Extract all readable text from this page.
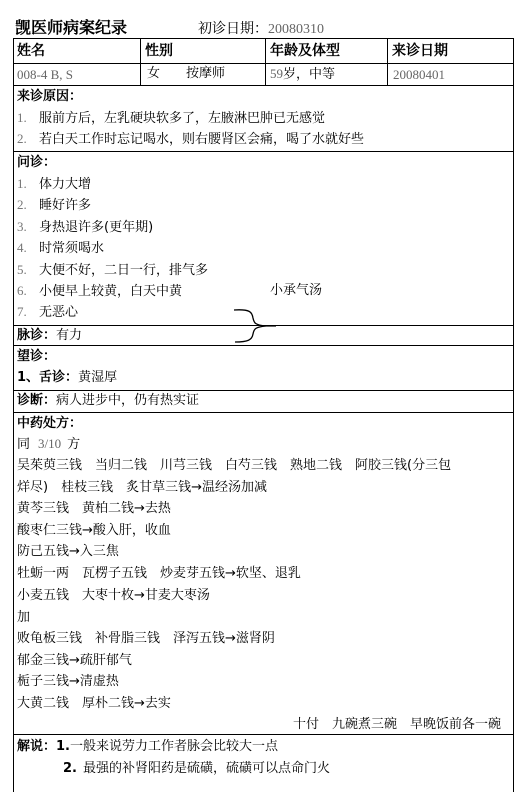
觊医师病案纪录	初诊日期：20080310
姓名	性别	年龄及体型	来诊日期
008-4 B, S	女 按摩师	59岁，中等	20080401
来诊原因：
1. 服前方后，左乳硬块软多了，左腋淋巴肿已无感觉
2. 若白天工作时忘记喝水，则右腰肾区会痛，喝了水就好些
问诊：
1. 体力大增
2. 睡好许多
3. 身热退许多(更年期)
4. 时常须喝水
5. 大便不好，二日一行，排气多
6. 小便早上较黄，白天中黄
7. 无恶心
小承气汤
脉诊：有力
望诊：
1、舌诊：黄湿厚
诊断：病人进步中，仍有热实证
中药处方：
同 3/10 方
吴茱萸三钱　当归二钱　川芎三钱　白芍三钱　熟地二钱　阿胶三钱(分三包
烊尽)　桂枝三钱　炙甘草三钱→温经汤加减
黄芩三钱　黄柏二钱→去热
酸枣仁三钱→酸入肝，收血
防己五钱→入三焦
牡蛎一两　瓦楞子五钱　炒麦芽五钱→软坚、退乳
小麦五钱　大枣十枚→甘麦大枣汤
加
败龟板三钱　补骨脂三钱　泽泻五钱→滋肾阴
郁金三钱→疏肝郁气
栀子三钱→清虚热
大黄二钱　厚朴二钱→去实
十付　九碗煮三碗　早晚饭前各一碗
解说：1.一般来说劳力工作者脉会比较大一点
2. 最强的补肾阳药是硫磺，硫磺可以点命门火
